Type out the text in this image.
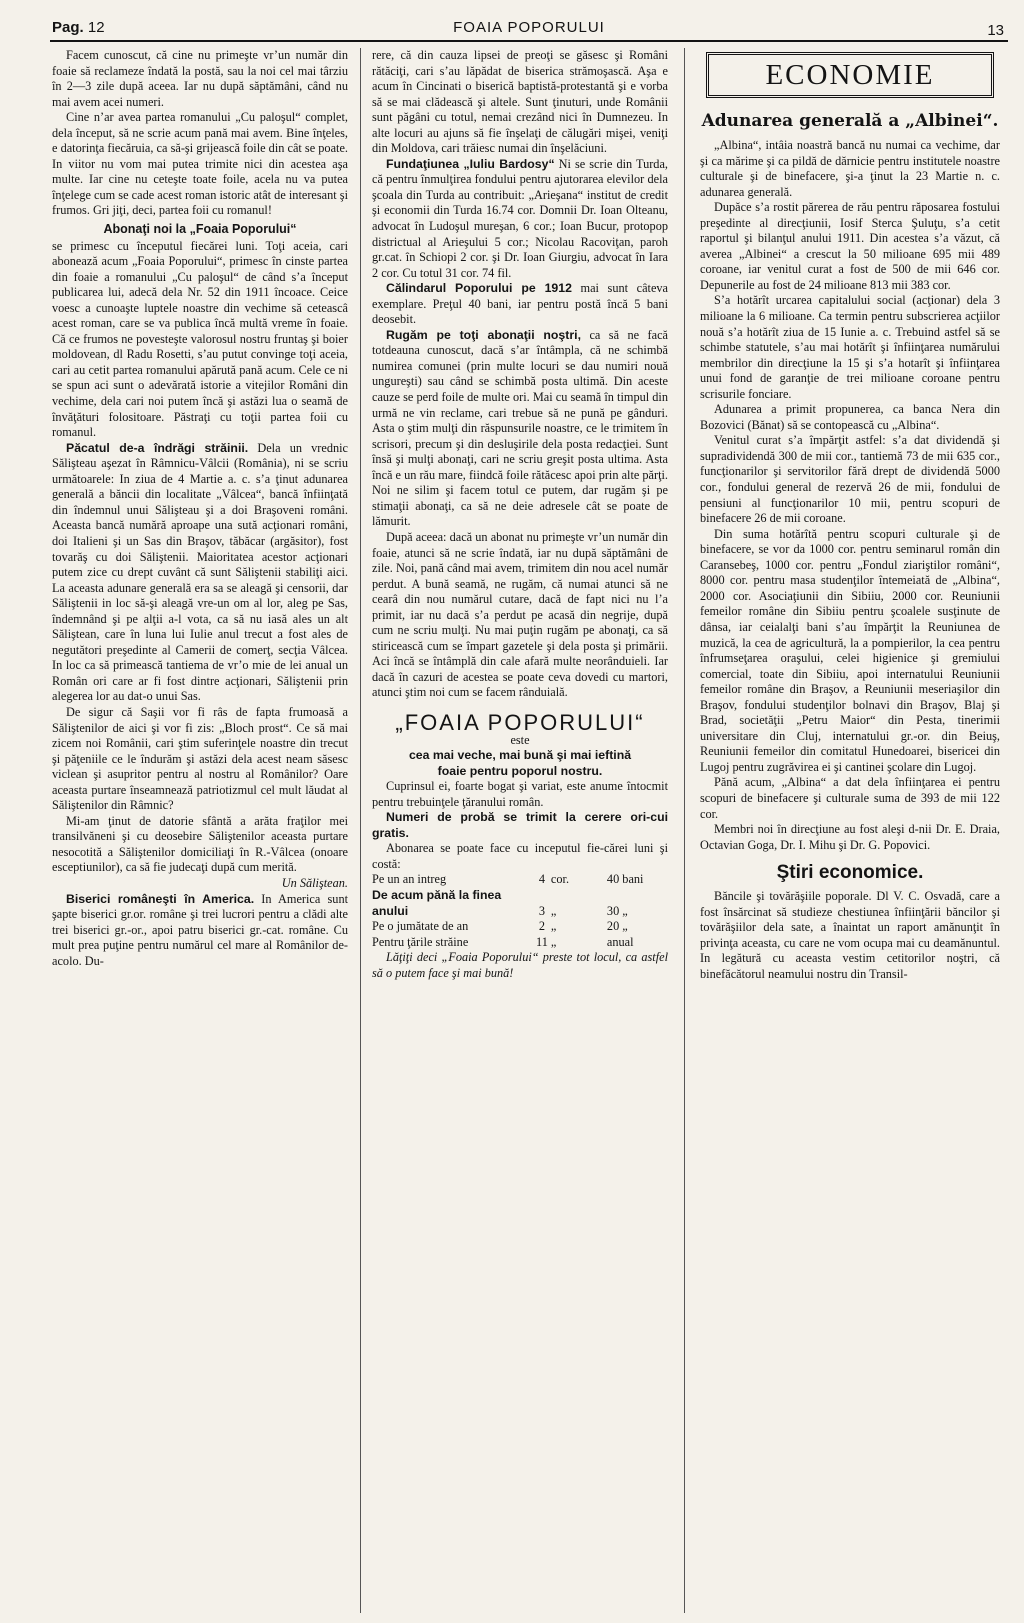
Pag. 12	FOAIA POPORULUI	13

Facem cunoscut, că cine nu primeşte vr’un număr din foaie să reclameze îndată la postă, sau la noi cel mai târziu în 2—3 zile după aceea. Iar nu după săptămâni, când nu mai avem acei numeri.

Cine n’ar avea partea romanului „Cu paloşul“ complet, dela început, să ne scrie acum pană mai avem. Bine înţeles, e datorinţa fiecăruia, ca să-şi grijească foile din cât se poate. In viitor nu vom mai putea trimite nici din acestea aşa multe. Iar cine nu ceteşte toate foile, acela nu va putea înţelege cum se cade acest roman istoric atât de interesant şi frumos. Gri jiţi, deci, partea foii cu romanul!

Abonaţi noi la „Foaia Poporului“

se primesc cu începutul fiecărei luni. Toţi aceia, cari abonează acum „Foaia Poporului“, primesc în cinste partea din foaie a romanului „Cu paloşul“ de când s’a început publicarea lui, adecă dela Nr. 52 din 1911 încoace. Ceice voesc a cunoaşte luptele noastre din vechime să ceteascâ acest roman, care se va publica încă multă vreme în foaie. Că ce frumos ne povesteşte valorosul nostru fruntaş şi boier moldovean, dl Radu Rosetti, s’au putut convinge toţi aceia, cari au cetit partea romanului apărută pană acum. Cele ce ni se spun aci sunt o adevărată istorie a vitejilor Români din vechime, dela cari noi putem încă şi astăzi lua o seamă de învăţături folositoare. Păstraţi cu toţii partea foii cu romanul.

Păcatul de-a îndrăgi străinii. Dela un vrednic Sălişteau aşezat în Râmnicu-Vâlcii (România), ni se scriu următoarele: In ziua de 4 Martie a. c. s’a ţinut adunarea generală a băncii din localitate „Vâlcea“, bancă înfiinţată din îndemnul unui Sălişteau şi a doi Braşoveni români. Aceasta bancă numără aproape una sută acţionari români, doi Italieni şi un Sas din Braşov, tăbăcar (argăsitor), fost tovarăş cu doi Săliştenii. Maioritatea acestor acţionari putem zice cu drept cuvânt că sunt Săliştenii stabiliţi aici. La aceasta adunare generală era sa se aleagă şi censorii, dar Săliştenii in loc să-şi aleagă vre-un om al lor, aleg pe Sas, îndemnând şi pe alţii a-l vota, ca să nu iasă ales un alt Săliştean, care în luna lui Iulie anul trecut a fost ales de negutători preşedinte al Camerii de comerţ, secţia Vâlcea. In loc ca să primească tantiema de vr’o mie de lei anual un Român ori care ar fi fost dintre acţionari, Săliştenii prin alegerea lor au dat-o unui Sas.

De sigur că Saşii vor fi râs de fapta frumoasă a Săliştenilor de aici şi vor fi zis: „Bloch prost“. Ce să mai zicem noi Românii, cari ştim suferinţele noastre din trecut şi păţeniile ce le îndurăm şi astăzi dela acest neam săsesc viclean şi asupritor pentru al nostru al Românilor? Oare aceasta purtare înseamnează patriotizmul cel mult lăudat al Săliştenilor din Râmnic?

Mi-am ţinut de datorie sfântă a arăta fraţilor mei transilvăneni şi cu deosebire Săliştenilor aceasta purtare nesocotită a Săliştenilor domiciliaţi în R.-Vâlcea (onoare esceptiunilor), ca să fie judecaţi după cum merită.

Un Săliştean.

Biserici româneşti în America. In America sunt şapte biserici gr.or. române şi trei lucrori pentru a clădi alte trei biserici gr.-or., apoi patru biserici gr.-cat. române. Cu mult prea puţine pentru numărul cel mare al Românilor de-acolo. Du-

rere, că din cauza lipsei de preoţi se găsesc şi Români rătăciţi, cari s’au lăpădat de biserica strămoşască. Aşa e acum în Cincinati o biserică baptistă-protestantă şi e vorba să se mai clădească şi altele. Sunt ţinuturi, unde Românii sunt păgâni cu totul, nemai crezând nici în Dumnezeu. In alte locuri au ajuns să fie înşelaţi de călugări mişei, veniţi din Moldova, cari trăiesc numai din înşelăciuni.

Fundaţiunea „Iuliu Bardosy“ Ni se scrie din Turda, că pentru înmulţirea fondului pentru ajutorarea elevilor dela şcoala din Turda au contribuit: „Arieşana“ institut de credit şi economii din Turda 16.74 cor. Domnii Dr. Ioan Olteanu, advocat în Ludoşul mureşan, 6 cor.; Ioan Bucur, protopop districtual al Arieşului 5 cor.; Nicolau Racoviţan, paroh gr.cat. în Schiopi 2 cor. şi Dr. Ioan Giurgiu, advocat în Iara 2 cor. Cu totul 31 cor. 74 fil.

Călindarul Poporului pe 1912 mai sunt câteva exemplare. Preţul 40 bani, iar pentru postă încă 5 bani deosebit.

Rugăm pe toţi abonaţii noştri, ca să ne facă totdeauna cunoscut, dacă s’ar întâmpla, că ne schimbă numirea comunei (prin multe locuri se dau numiri nouă ungureşti) sau când se schimbă posta ultimă. Din aceste cauze se perd foile de multe ori. Mai cu seamă în timpul din urmă ne vin reclame, cari trebue să ne pună pe gânduri. Asta o ştim mulţi din răspunsurile noastre, ce le trimitem în scrisori, precum şi din desluşirile dela posta redacţiei. Sunt însă şi mulţi abonaţi, cari ne scriu greşit posta ultima. Asta încă e un rău mare, fiindcă foile rătăcesc apoi prin alte părţi. Noi ne silim şi facem totul ce putem, dar rugăm şi pe stimaţii abonaţi, ca să ne deie adresele cât se poate de lămurit.

După aceea: dacă un abonat nu primeşte vr’un număr din foaie, atunci să ne scrie îndată, iar nu după săptămâni de zile. Noi, pană când mai avem, trimitem din nou acel număr perdut. A bună seamă, ne rugăm, că numai atunci să ne cearâ din nou numărul cutare, dacă de fapt nici nu l’a primit, iar nu dacă s’a perdut pe acasă din negrije, după cum ne scriu mulţi. Nu mai puţin rugăm pe abonaţi, ca să stiricească cum se împart gazetele şi dela posta şi primării. Aci încă se întâmplă din cale afară multe neorânduieli. Iar dacă în cazuri de acestea se poate ceva dovedi cu martori, atunci ştim noi cum se facem rânduială.

„FOAIA POPORULUI“
este
cea mai veche, mai bună şi mai ieftină
foaie pentru poporul nostru.

Cuprinsul ei, foarte bogat şi variat, este anume întocmit pentru trebuinţele ţăranului român.

Numeri de probă se trimit la cerere ori-cui gratis.

Abonarea se poate face cu inceputul fie-cărei luni şi costă:

Pe un an intreg	4	cor.	40 bani
De acum pănă la finea			
anului	3	„	30 „
Pe o jumătate de an	2	„	20 „
Pentru ţările străine	11	„	anual

Lăţiţi deci „Foaia Poporului“ preste tot locul, ca astfel să o putem face şi mai bună!

ECONOMIE
Adunarea generală a „Albinei“.

„Albina“, intâia noastră bancă nu numai ca vechime, dar şi ca mărime şi ca pildă de dărnicie pentru institutele noastre culturale şi de binefacere, şi-a ţinut la 23 Martie n. c. adunarea generală.

Dupăce s’a rostit părerea de rău pentru răposarea fostului preşedinte al direcţiunii, Iosif Sterca Şuluţu, s’a cetit raportul şi bilanţul anului 1911. Din acestea s’a văzut, că averea „Albinei“ a crescut la 50 milioane 695 mii 489 coroane, iar venitul curat a fost de 500 de mii 646 cor. Depunerile au fost de 24 milioane 813 mii 383 cor.

S’a hotărît urcarea capitalului social (acţionar) dela 3 milioane la 6 milioane. Ca termin pentru subscrierea acţiilor nouă s’a hotărît ziua de 15 Iunie a. c. Trebuind astfel să se schimbe statutele, s’au mai hotărît şi înfiinţarea numărului membrilor din direcţiune la 15 şi s’a hotarît şi înfiinţarea unui fond de garanţie de trei milioane coroane pentru scrisurile fonciare.

Adunarea a primit propunerea, ca banca Nera din Bozovici (Bănat) să se contopească cu „Albina“.

Venitul curat s’a împărţit astfel: s’a dat dividendă şi supradividendă 300 de mii cor., tantiemă 73 de mii 635 cor., funcţionarilor şi servitorilor fără drept de dividendă 5000 cor., fondului general de rezervă 26 de mii, fondului de pensiuni al funcţionarilor 10 mii, pentru scopuri de binefacere 26 de mii coroane.

Din suma hotărîtă pentru scopuri culturale şi de binefacere, se vor da 1000 cor. pentru seminarul român din Caransebeş, 1000 cor. pentru „Fondul ziariştilor români“, 8000 cor. pentru masa studenţilor întemeiată de „Albina“, 2000 cor. Asociaţiunii din Sibiiu, 2000 cor. Reuniunii femeilor române din Sibiiu pentru şcoalele susţinute de dânsa, iar ceialalţi bani s’au împărţit la Reuniunea de muzică, la cea de agricultură, la a pompierilor, la cea pentru înfrumseţarea oraşului, celei higienice şi gremiului comercial, toate din Sibiiu, apoi internatului Reuniunii femeilor române din Braşov, a Reuniunii meseriaşilor din Braşov, fondului studenţilor bolnavi din Braşov, Blaj şi Brad, societăţii „Petru Maior“ din Pesta, tinerimii universitare din Cluj, internatului gr.-or. din Beiuş, Reuniunii femeilor din comitatul Hunedoarei, bisericei din Lugoj pentru zugrăvirea ei şi cantinei şcolare din Lugoj.

Pănă acum, „Albina“ a dat dela înfiinţarea ei pentru scopuri de binefacere şi culturale suma de 393 de mii 122 cor.

Membri noi în direcţiune au fost aleşi d-nii Dr. E. Draia, Octavian Goga, Dr. I. Mihu şi Dr. G. Popovici.

Ştiri economice.

Băncile şi tovărăşiile poporale. Dl V. C. Osvadă, care a fost însărcinat să studieze chestiunea înfiinţării băncilor şi tovărăşiilor dela sate, a înaintat un raport amănunţit în privinţa aceasta, cu care ne vom ocupa mai cu deamănuntul. In legătură cu aceasta vestim cetitorilor noştri, că binefăcătorul neamului nostru din Transil-
